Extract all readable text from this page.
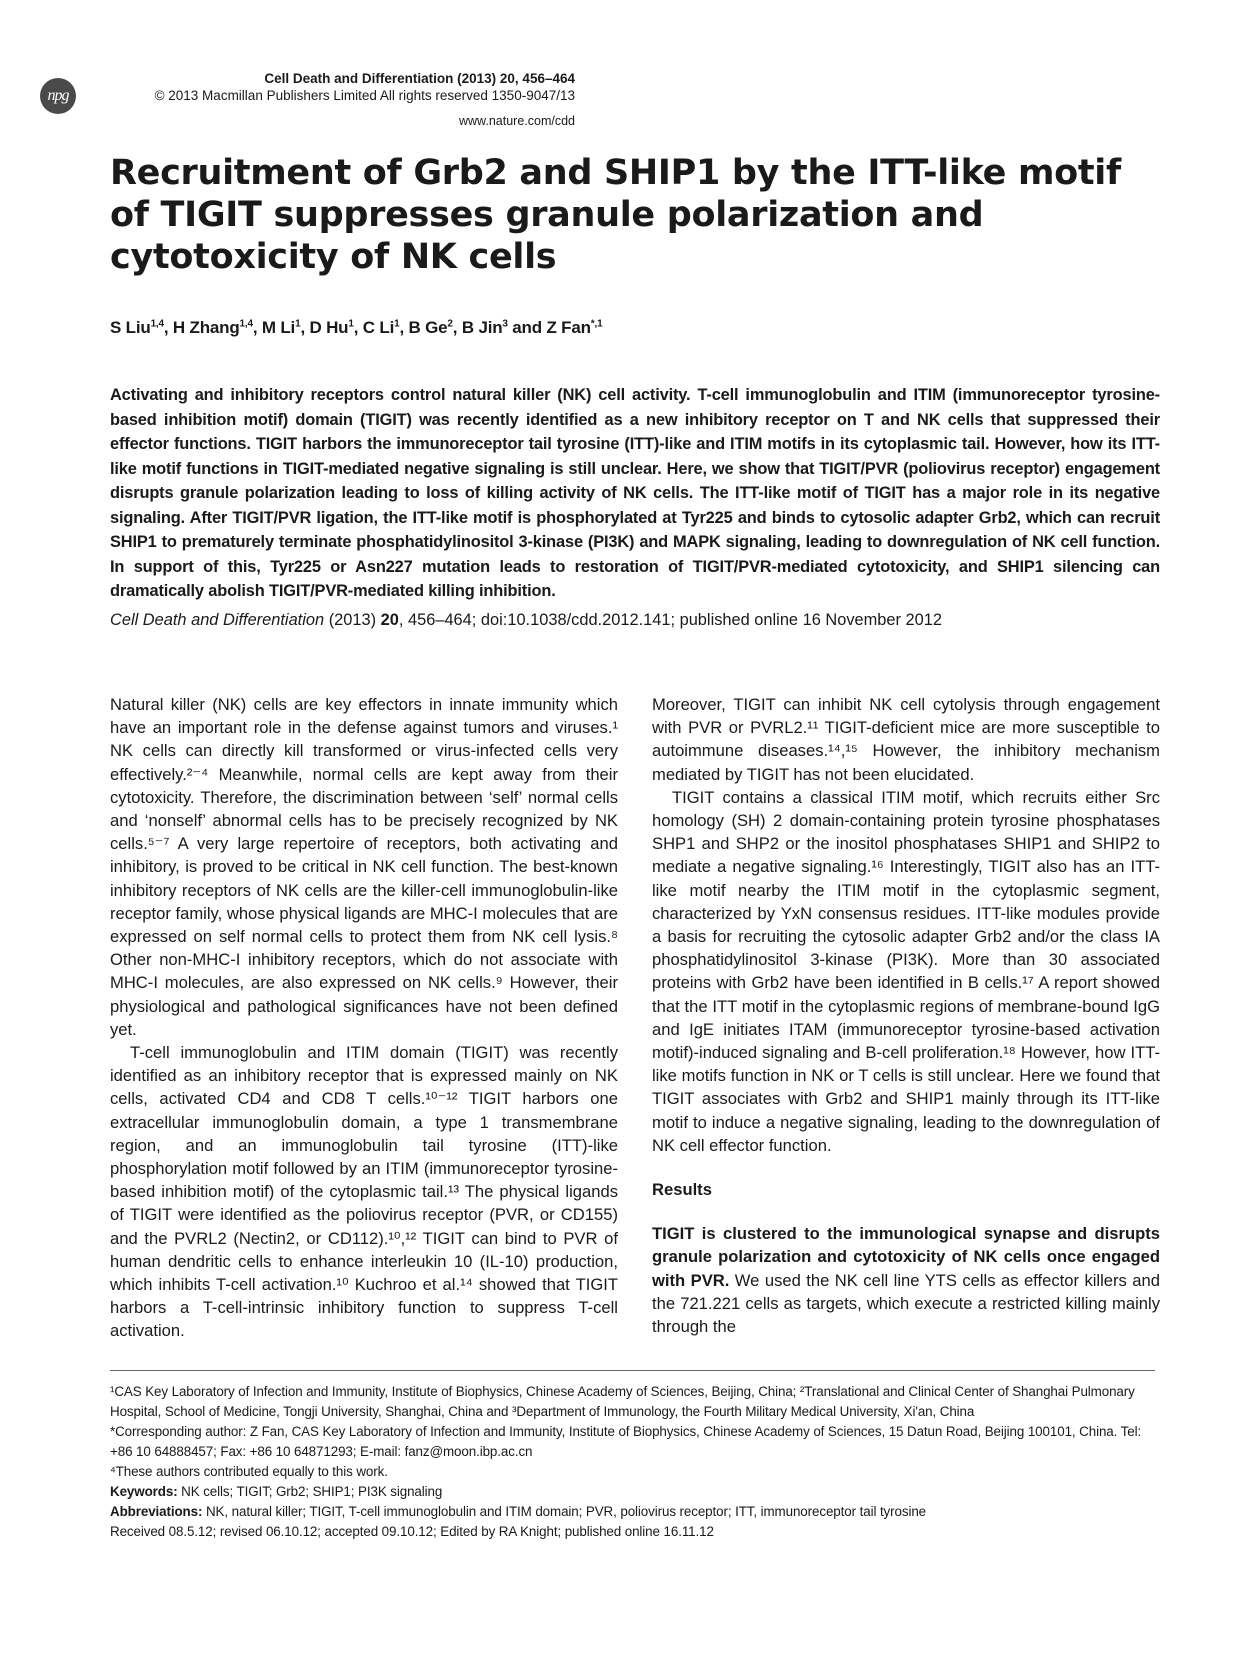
npg
Cell Death and Differentiation (2013) 20, 456–464
© 2013 Macmillan Publishers Limited All rights reserved 1350-9047/13
www.nature.com/cdd
Recruitment of Grb2 and SHIP1 by the ITT-like motif of TIGIT suppresses granule polarization and cytotoxicity of NK cells
S Liu$^{1,4}$, H Zhang$^{1,4}$, M Li$^1$, D Hu$^1$, C Li$^1$, B Ge$^2$, B Jin$^3$ and Z Fan$^{*,1}$
Activating and inhibitory receptors control natural killer (NK) cell activity. T-cell immunoglobulin and ITIM (immunoreceptor tyrosine-based inhibition motif) domain (TIGIT) was recently identified as a new inhibitory receptor on T and NK cells that suppressed their effector functions. TIGIT harbors the immunoreceptor tail tyrosine (ITT)-like and ITIM motifs in its cytoplasmic tail. However, how its ITT-like motif functions in TIGIT-mediated negative signaling is still unclear. Here, we show that TIGIT/PVR (poliovirus receptor) engagement disrupts granule polarization leading to loss of killing activity of NK cells. The ITT-like motif of TIGIT has a major role in its negative signaling. After TIGIT/PVR ligation, the ITT-like motif is phosphorylated at Tyr225 and binds to cytosolic adapter Grb2, which can recruit SHIP1 to prematurely terminate phosphatidylinositol 3-kinase (PI3K) and MAPK signaling, leading to downregulation of NK cell function. In support of this, Tyr225 or Asn227 mutation leads to restoration of TIGIT/PVR-mediated cytotoxicity, and SHIP1 silencing can dramatically abolish TIGIT/PVR-mediated killing inhibition.
Cell Death and Differentiation (2013) 20, 456–464; doi:10.1038/cdd.2012.141; published online 16 November 2012

Natural killer (NK) cells are key effectors in innate immunity which have an important role in the defense against tumors and viruses.¹ NK cells can directly kill transformed or virus-infected cells very effectively.²⁻⁴ Meanwhile, normal cells are kept away from their cytotoxicity. Therefore, the discrimination between ‘self’ normal cells and ‘nonself’ abnormal cells has to be precisely recognized by NK cells.⁵⁻⁷ A very large repertoire of receptors, both activating and inhibitory, is proved to be critical in NK cell function. The best-known inhibitory receptors of NK cells are the killer-cell immunoglobulin-like receptor family, whose physical ligands are MHC-I molecules that are expressed on self normal cells to protect them from NK cell lysis.⁸ Other non-MHC-I inhibitory receptors, which do not associate with MHC-I molecules, are also expressed on NK cells.⁹ However, their physiological and pathological significances have not been defined yet.

T-cell immunoglobulin and ITIM domain (TIGIT) was recently identified as an inhibitory receptor that is expressed mainly on NK cells, activated CD4 and CD8 T cells.¹⁰⁻¹² TIGIT harbors one extracellular immunoglobulin domain, a type 1 transmembrane region, and an immunoglobulin tail tyrosine (ITT)-like phosphorylation motif followed by an ITIM (immunoreceptor tyrosine-based inhibition motif) of the cytoplasmic tail.¹³ The physical ligands of TIGIT were identified as the poliovirus receptor (PVR, or CD155) and the PVRL2 (Nectin2, or CD112).¹⁰,¹² TIGIT can bind to PVR of human dendritic cells to enhance interleukin 10 (IL-10) production, which inhibits T-cell activation.¹⁰ Kuchroo et al.¹⁴ showed that TIGIT harbors a T-cell-intrinsic inhibitory function to suppress T-cell activation.

Moreover, TIGIT can inhibit NK cell cytolysis through engagement with PVR or PVRL2.¹¹ TIGIT-deficient mice are more susceptible to autoimmune diseases.¹⁴,¹⁵ However, the inhibitory mechanism mediated by TIGIT has not been elucidated.

TIGIT contains a classical ITIM motif, which recruits either Src homology (SH) 2 domain-containing protein tyrosine phosphatases SHP1 and SHP2 or the inositol phosphatases SHIP1 and SHIP2 to mediate a negative signaling.¹⁶ Interestingly, TIGIT also has an ITT-like motif nearby the ITIM motif in the cytoplasmic segment, characterized by YxN consensus residues. ITT-like modules provide a basis for recruiting the cytosolic adapter Grb2 and/or the class IA phosphatidylinositol 3-kinase (PI3K). More than 30 associated proteins with Grb2 have been identified in B cells.¹⁷ A report showed that the ITT motif in the cytoplasmic regions of membrane-bound IgG and IgE initiates ITAM (immunoreceptor tyrosine-based activation motif)-induced signaling and B-cell proliferation.¹⁸ However, how ITT-like motifs function in NK or T cells is still unclear. Here we found that TIGIT associates with Grb2 and SHIP1 mainly through its ITT-like motif to induce a negative signaling, leading to the downregulation of NK cell effector function.

Results

TIGIT is clustered to the immunological synapse and disrupts granule polarization and cytotoxicity of NK cells once engaged with PVR. We used the NK cell line YTS cells as effector killers and the 721.221 cells as targets, which execute a restricted killing mainly through the

¹CAS Key Laboratory of Infection and Immunity, Institute of Biophysics, Chinese Academy of Sciences, Beijing, China; ²Translational and Clinical Center of Shanghai Pulmonary Hospital, School of Medicine, Tongji University, Shanghai, China and ³Department of Immunology, the Fourth Military Medical University, Xi'an, China

*Corresponding author: Z Fan, CAS Key Laboratory of Infection and Immunity, Institute of Biophysics, Chinese Academy of Sciences, 15 Datun Road, Beijing 100101, China. Tel: +86 10 64888457; Fax: +86 10 64871293; E-mail: fanz@moon.ibp.ac.cn

⁴These authors contributed equally to this work.

Keywords: NK cells; TIGIT; Grb2; SHIP1; PI3K signaling

Abbreviations: NK, natural killer; TIGIT, T-cell immunoglobulin and ITIM domain; PVR, poliovirus receptor; ITT, immunoreceptor tail tyrosine

Received 08.5.12; revised 06.10.12; accepted 09.10.12; Edited by RA Knight; published online 16.11.12
